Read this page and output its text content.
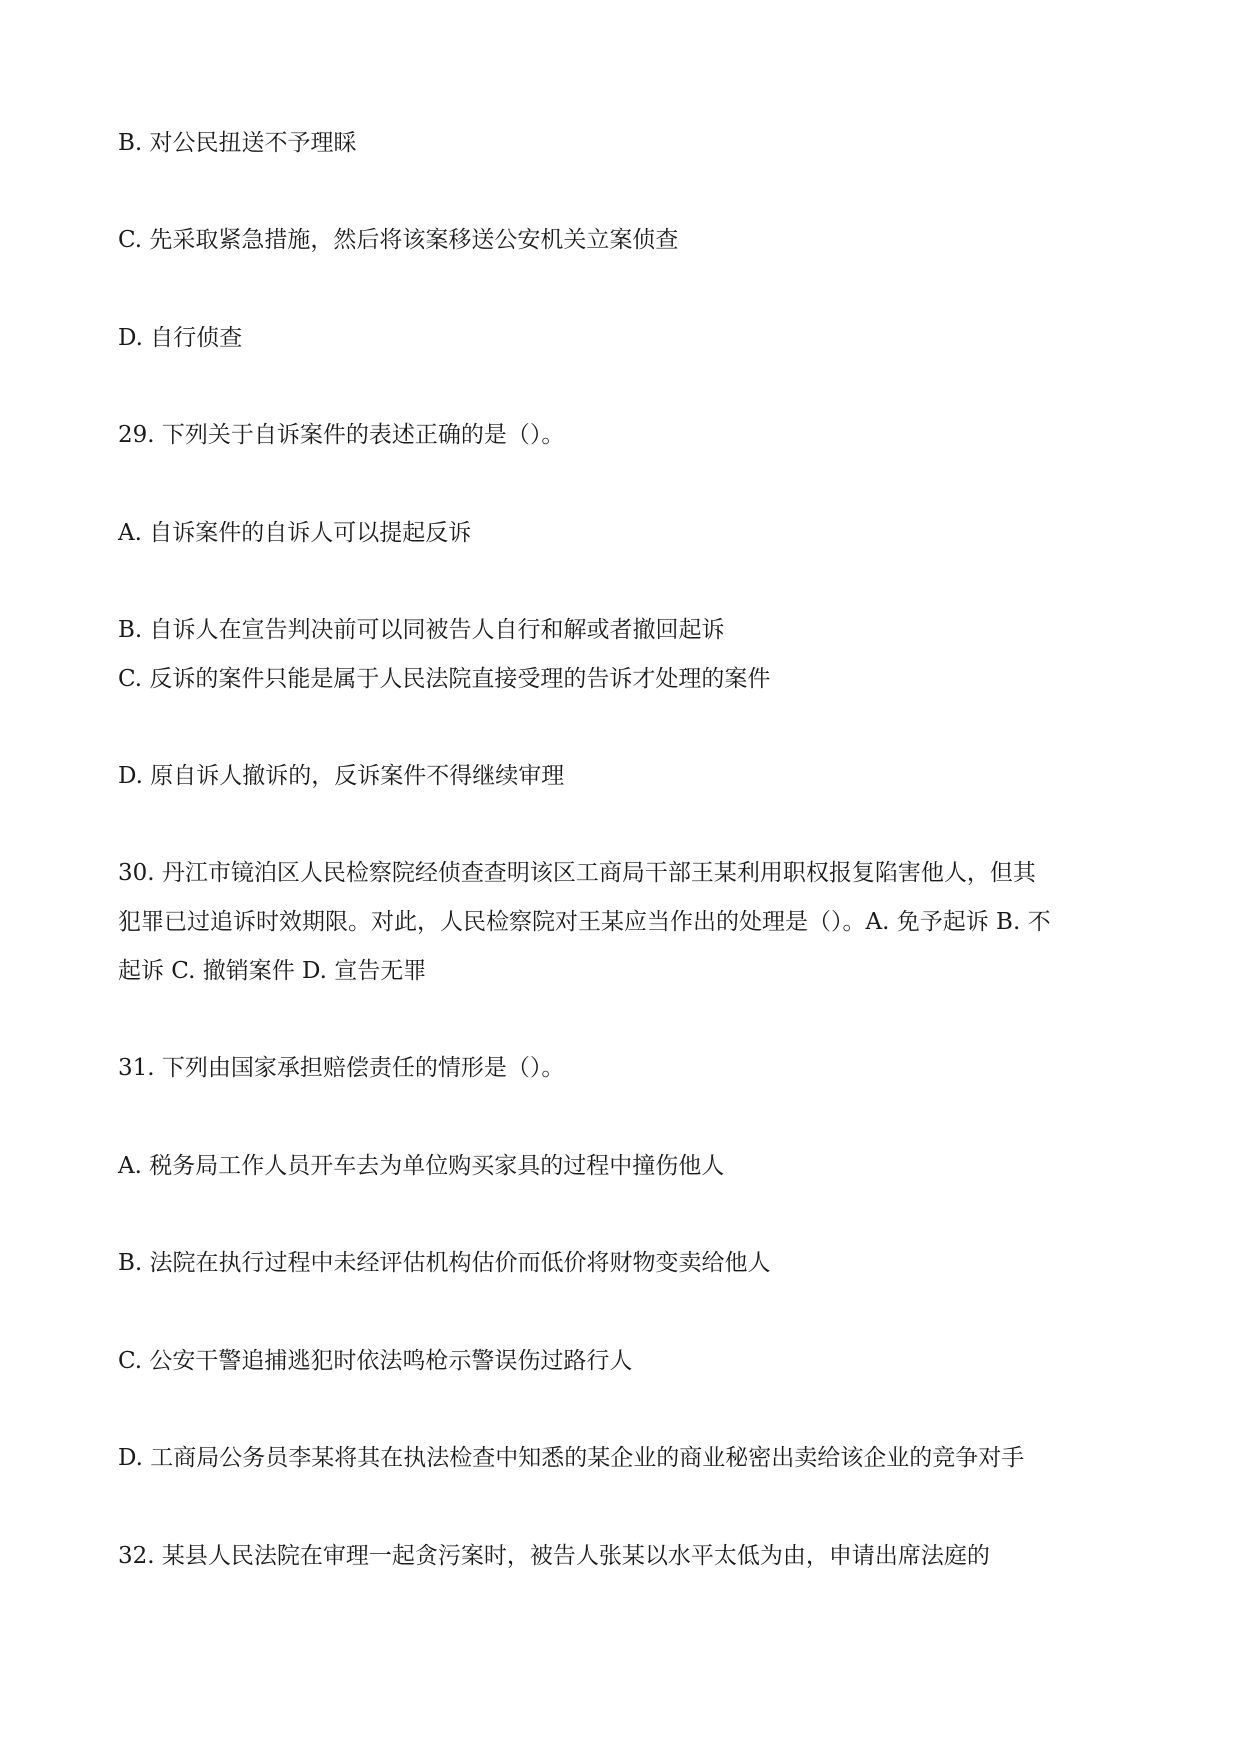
B. 对公民扭送不予理睬
C. 先采取紧急措施，然后将该案移送公安机关立案侦查
D. 自行侦查
29. 下列关于自诉案件的表述正确的是（）。
A. 自诉案件的自诉人可以提起反诉
B. 自诉人在宣告判决前可以同被告人自行和解或者撤回起诉
C. 反诉的案件只能是属于人民法院直接受理的告诉才处理的案件
D. 原自诉人撤诉的，反诉案件不得继续审理
30. 丹江市镜泊区人民检察院经侦查查明该区工商局干部王某利用职权报复陷害他人，但其
犯罪已过追诉时效期限。对此，人民检察院对王某应当作出的处理是（）。A. 免予起诉 B. 不
起诉 C. 撤销案件 D. 宣告无罪
31. 下列由国家承担赔偿责任的情形是（）。
A. 税务局工作人员开车去为单位购买家具的过程中撞伤他人
B. 法院在执行过程中未经评估机构估价而低价将财物变卖给他人
C. 公安干警追捕逃犯时依法鸣枪示警误伤过路行人
D. 工商局公务员李某将其在执法检查中知悉的某企业的商业秘密出卖给该企业的竞争对手
32. 某县人民法院在审理一起贪污案时，被告人张某以水平太低为由，申请出席法庭的
